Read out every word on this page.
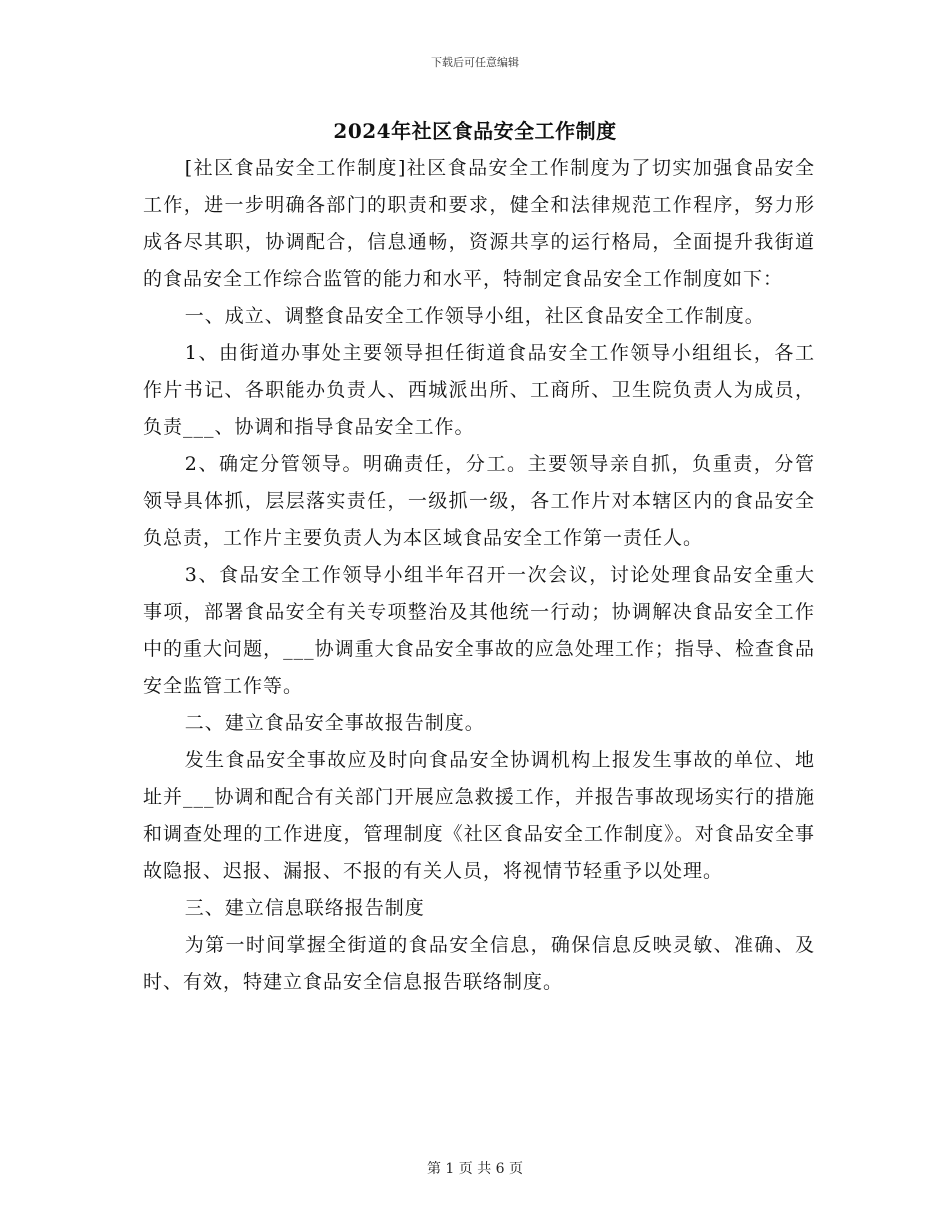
下载后可任意编辑
2024年社区食品安全工作制度

[社区食品安全工作制度]社区食品安全工作制度为了切实加强食品安全工作，进一步明确各部门的职责和要求，健全和法律规范工作程序，努力形成各尽其职，协调配合，信息通畅，资源共享的运行格局，全面提升我街道的食品安全工作综合监管的能力和水平，特制定食品安全工作制度如下：

一、成立、调整食品安全工作领导小组，社区食品安全工作制度。

1、由街道办事处主要领导担任街道食品安全工作领导小组组长，各工作片书记、各职能办负责人、西城派出所、工商所、卫生院负责人为成员，负责___、协调和指导食品安全工作。

2、确定分管领导。明确责任，分工。主要领导亲自抓，负重责，分管领导具体抓，层层落实责任，一级抓一级，各工作片对本辖区内的食品安全负总责，工作片主要负责人为本区域食品安全工作第一责任人。

3、食品安全工作领导小组半年召开一次会议，讨论处理食品安全重大事项，部署食品安全有关专项整治及其他统一行动；协调解决食品安全工作中的重大问题，___协调重大食品安全事故的应急处理工作；指导、检查食品安全监管工作等。

二、建立食品安全事故报告制度。

发生食品安全事故应及时向食品安全协调机构上报发生事故的单位、地址并___协调和配合有关部门开展应急救援工作，并报告事故现场实行的措施和调查处理的工作进度，管理制度《社区食品安全工作制度》。对食品安全事故隐报、迟报、漏报、不报的有关人员，将视情节轻重予以处理。

三、建立信息联络报告制度

为第一时间掌握全街道的食品安全信息，确保信息反映灵敏、准确、及时、有效，特建立食品安全信息报告联络制度。

第 1 页 共 6 页
